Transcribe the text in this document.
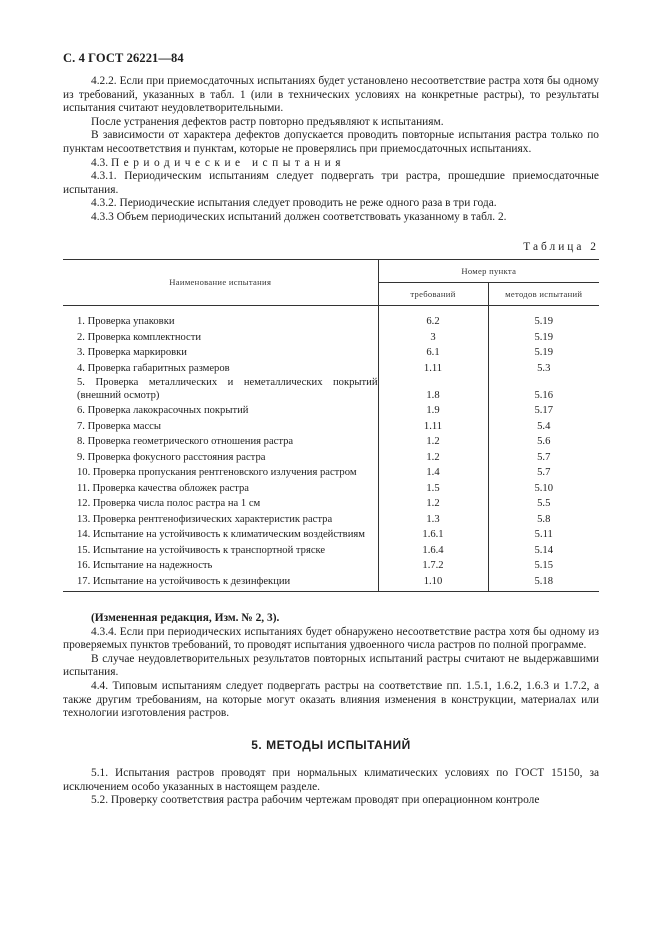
С. 4 ГОСТ 26221—84

4.2.2. Если при приемосдаточных испытаниях будет установлено несоответствие растра хотя бы одному из требований, указанных в табл. 1 (или в технических условиях на конкретные растры), то результаты испытания считают неудовлетворительными.

После устранения дефектов растр повторно предъявляют к испытаниям.

В зависимости от характера дефектов допускается проводить повторные испытания растра только по пунктам несоответствия и пунктам, которые не проверялись при приемосдаточных испытаниях.

4.3. Периодические испытания

4.3.1. Периодическим испытаниям следует подвергать три растра, прошедшие приемосдаточные испытания.

4.3.2. Периодические испытания следует проводить не реже одного раза в три года.

4.3.3 Объем периодических испытаний должен соответствовать указанному в табл. 2.

Таблица 2
Наименование испытания	Номер пункта	
	требований	методов испытаний
1. Проверка упаковки	6.2	5.19
2. Проверка комплектности	3	5.19
3. Проверка маркировки	6.1	5.19
4. Проверка габаритных размеров	1.11	5.3
5. Проверка металлических и неметаллических покрытий (внешний осмотр)	1.8	5.16
6. Проверка лакокрасочных покрытий	1.9	5.17
7. Проверка массы	1.11	5.4
8. Проверка геометрического отношения растра	1.2	5.6
9. Проверка фокусного расстояния растра	1.2	5.7
10. Проверка пропускания рентгеновского излучения растром	1.4	5.7
11. Проверка качества обложек растра	1.5	5.10
12. Проверка числа полос растра на 1 см	1.2	5.5
13. Проверка рентгенофизических характеристик растра	1.3	5.8
14. Испытание на устойчивость к климатическим воздействиям	1.6.1	5.11
15. Испытание на устойчивость к транспортной тряске	1.6.4	5.14
16. Испытание на надежность	1.7.2	5.15
17. Испытание на устойчивость к дезинфекции	1.10	5.18

(Измененная редакция, Изм. № 2, 3).

4.3.4. Если при периодических испытаниях будет обнаружено несоответствие растра хотя бы одному из проверяемых пунктов требований, то проводят испытания удвоенного числа растров по полной программе.

В случае неудовлетворительных результатов повторных испытаний растры считают не выдержавшими испытания.

4.4. Типовым испытаниям следует подвергать растры на соответствие пп. 1.5.1, 1.6.2, 1.6.3 и 1.7.2, а также другим требованиям, на которые могут оказать влияния изменения в конструкции, материалах или технологии изготовления растров.

5. МЕТОДЫ ИСПЫТАНИЙ

5.1. Испытания растров проводят при нормальных климатических условиях по ГОСТ 15150, за исключением особо указанных в настоящем разделе.

5.2. Проверку соответствия растра рабочим чертежам проводят при операционном контроле
